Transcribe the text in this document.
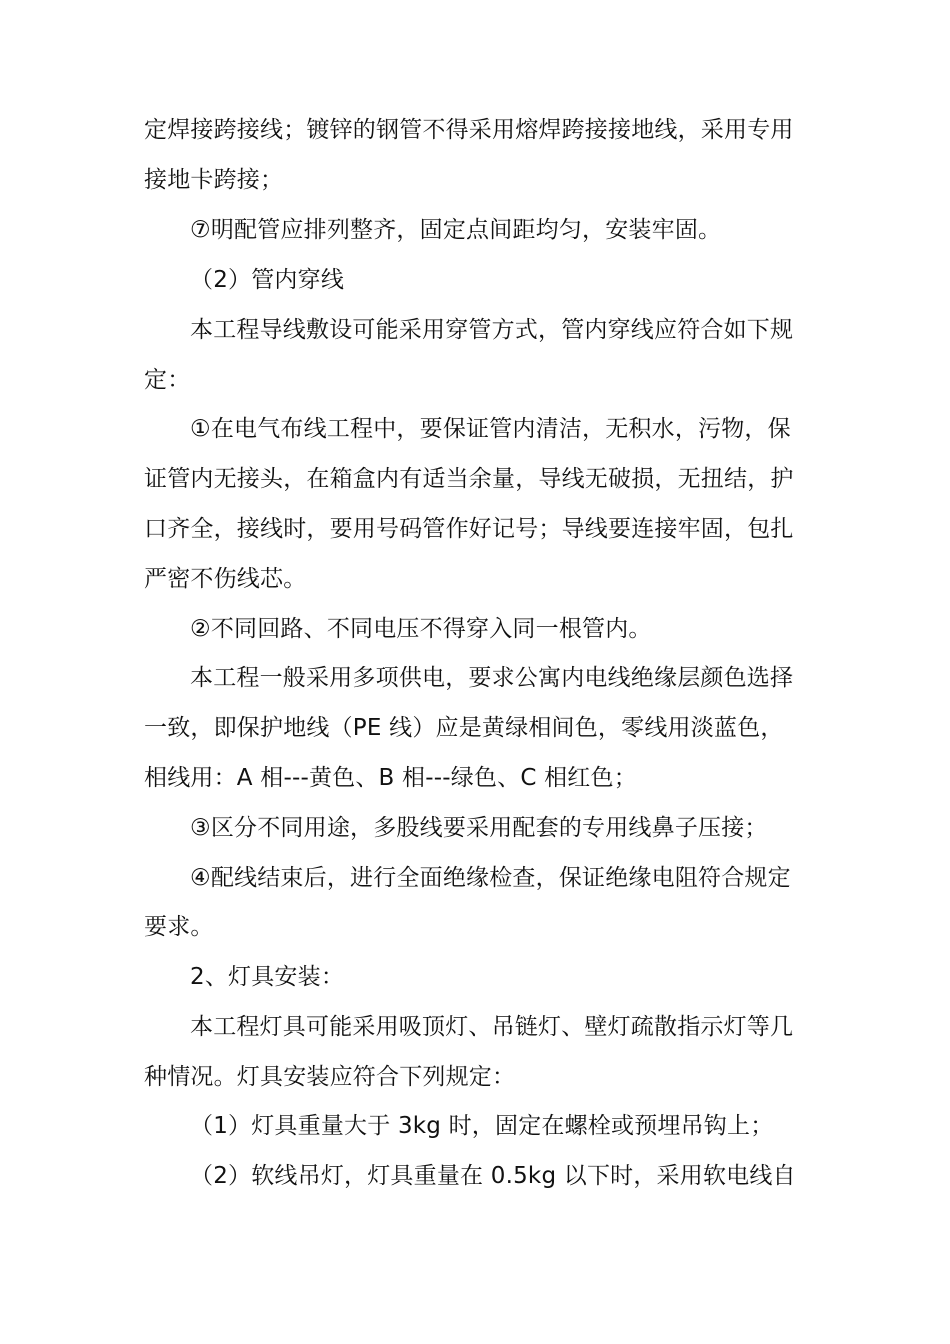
定焊接跨接线；镀锌的钢管不得采用熔焊跨接接地线，采用专用
接地卡跨接；
⑦明配管应排列整齐，固定点间距均匀，安装牢固。
（2）管内穿线
本工程导线敷设可能采用穿管方式，管内穿线应符合如下规
定：
①在电气布线工程中，要保证管内清洁，无积水，污物，保
证管内无接头，在箱盒内有适当余量，导线无破损，无扭结，护
口齐全，接线时，要用号码管作好记号；导线要连接牢固，包扎
严密不伤线芯。
②不同回路、不同电压不得穿入同一根管内。
本工程一般采用多项供电，要求公寓内电线绝缘层颜色选择
一致，即保护地线（PE 线）应是黄绿相间色，零线用淡蓝色，
相线用：A 相---黄色、B 相---绿色、C 相红色；
③区分不同用途，多股线要采用配套的专用线鼻子压接；
④配线结束后，进行全面绝缘检查，保证绝缘电阻符合规定
要求。
2、灯具安装：
本工程灯具可能采用吸顶灯、吊链灯、壁灯疏散指示灯等几
种情况。灯具安装应符合下列规定：
（1）灯具重量大于 3kg 时，固定在螺栓或预埋吊钩上；
（2）软线吊灯，灯具重量在 0.5kg 以下时，采用软电线自
